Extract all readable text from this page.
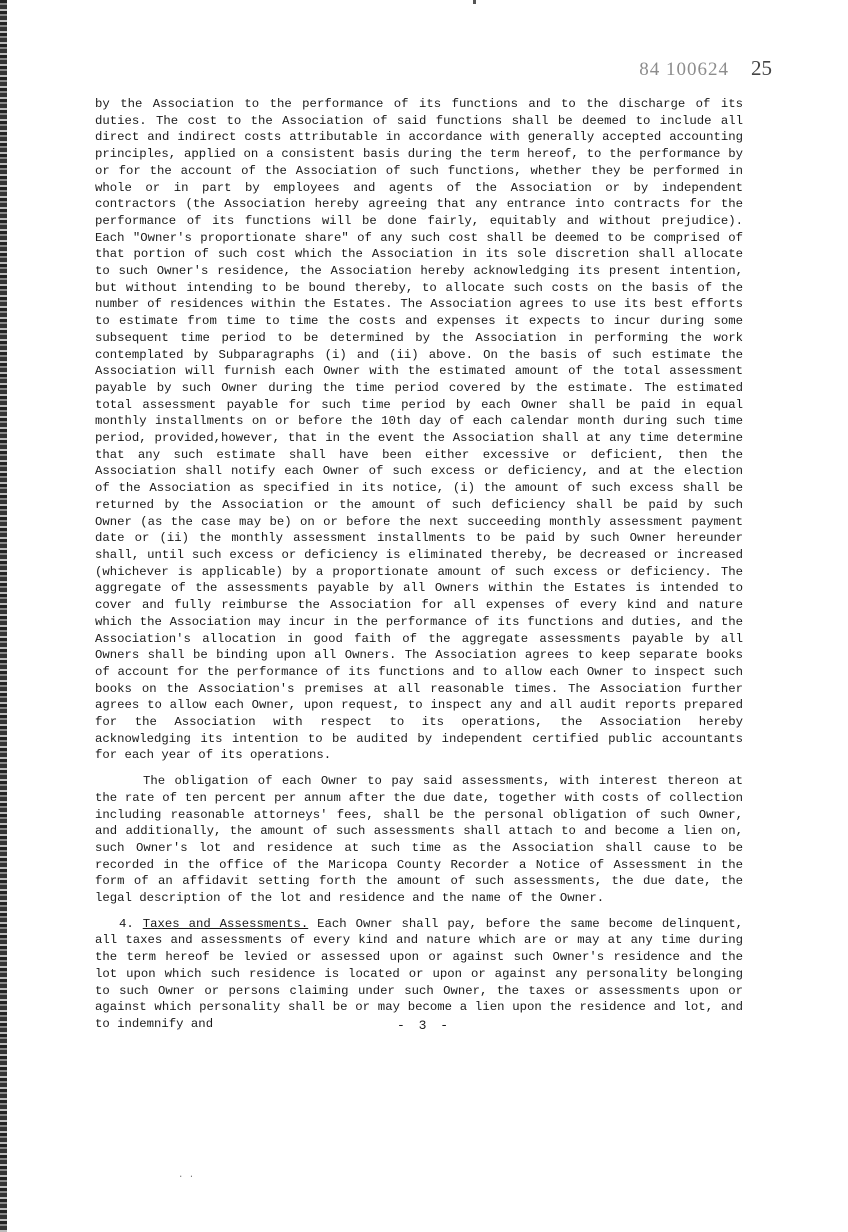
84 100624 25

by the Association to the performance of its functions and to the discharge of its duties. The cost to the Association of said functions shall be deemed to include all direct and indirect costs attributable in accordance with generally accepted accounting principles, applied on a consistent basis during the term hereof, to the performance by or for the account of the Association of such functions, whether they be performed in whole or in part by employees and agents of the Association or by independent contractors (the Association hereby agreeing that any entrance into contracts for the performance of its functions will be done fairly, equitably and without prejudice). Each "Owner's proportionate share" of any such cost shall be deemed to be comprised of that portion of such cost which the Association in its sole discretion shall allocate to such Owner's residence, the Association hereby acknowledging its present intention, but without intending to be bound thereby, to allocate such costs on the basis of the number of residences within the Estates. The Association agrees to use its best efforts to estimate from time to time the costs and expenses it expects to incur during some subsequent time period to be determined by the Association in performing the work contemplated by Subparagraphs (i) and (ii) above. On the basis of such estimate the Association will furnish each Owner with the estimated amount of the total assessment payable by such Owner during the time period covered by the estimate. The estimated total assessment payable for such time period by each Owner shall be paid in equal monthly installments on or before the 10th day of each calendar month during such time period, provided,however, that in the event the Association shall at any time determine that any such estimate shall have been either excessive or deficient, then the Association shall notify each Owner of such excess or deficiency, and at the election of the Association as specified in its notice, (i) the amount of such excess shall be returned by the Association or the amount of such deficiency shall be paid by such Owner (as the case may be) on or before the next succeeding monthly assessment payment date or (ii) the monthly assessment installments to be paid by such Owner hereunder shall, until such excess or deficiency is eliminated thereby, be decreased or increased (whichever is applicable) by a proportionate amount of such excess or deficiency. The aggregate of the assessments payable by all Owners within the Estates is intended to cover and fully reimburse the Association for all expenses of every kind and nature which the Association may incur in the performance of its functions and duties, and the Association's allocation in good faith of the aggregate assessments payable by all Owners shall be binding upon all Owners. The Association agrees to keep separate books of account for the performance of its functions and to allow each Owner to inspect such books on the Association's premises at all reasonable times. The Association further agrees to allow each Owner, upon request, to inspect any and all audit reports prepared for the Association with respect to its operations, the Association hereby acknowledging its intention to be audited by independent certified public accountants for each year of its operations.

The obligation of each Owner to pay said assessments, with interest thereon at the rate of ten percent per annum after the due date, together with costs of collection including reasonable attorneys' fees, shall be the personal obligation of such Owner, and additionally, the amount of such assessments shall attach to and become a lien on, such Owner's lot and residence at such time as the Association shall cause to be recorded in the office of the Maricopa County Recorder a Notice of Assessment in the form of an affidavit setting forth the amount of such assessments, the due date, the legal description of the lot and residence and the name of the Owner.

4. Taxes and Assessments. Each Owner shall pay, before the same become delinquent, all taxes and assessments of every kind and nature which are or may at any time during the term hereof be levied or assessed upon or against such Owner's residence and the lot upon which such residence is located or upon or against any personality belonging to such Owner or persons claiming under such Owner, the taxes or assessments upon or against which personality shall be or may become a lien upon the residence and lot, and to indemnify and	- 3 -
· ·
